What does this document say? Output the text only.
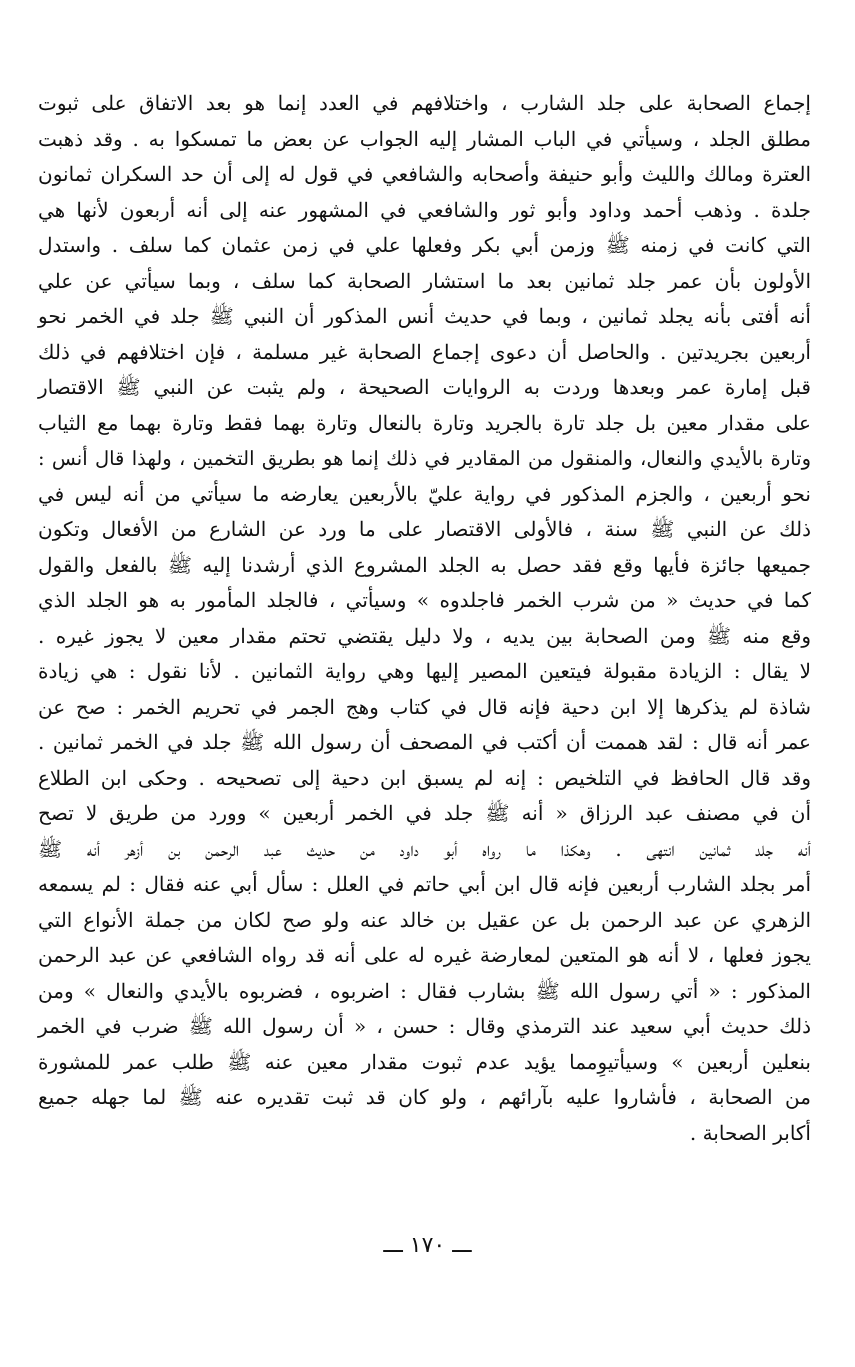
إجماع الصحابة على جلد الشارب ، واختلافهم في العدد إنما هو بعد الاتفاق على ثبوت
مطلق الجلد ، وسيأتي في الباب المشار إليه الجواب عن بعض ما تمسكوا به . وقد ذهبت
العترة ومالك والليث وأبو حنيفة وأصحابه والشافعي في قول له إلى أن حد السكران ثمانون
جلدة . وذهب أحمد وداود وأبو ثور والشافعي في المشهور عنه إلى أنه أربعون لأنها هي
التي كانت في زمنه ﷺ وزمن أبي بكر وفعلها علي في زمن عثمان كما سلف . واستدل
الأولون بأن عمر جلد ثمانين بعد ما استشار الصحابة كما سلف ، وبما سيأتي عن علي
أنه أفتى بأنه يجلد ثمانين ، وبما في حديث أنس المذكور أن النبي ﷺ جلد في الخمر نحو
أربعين بجريدتين . والحاصل أن دعوى إجماع الصحابة غير مسلمة ، فإن اختلافهم في ذلك
قبل إمارة عمر وبعدها وردت به الروايات الصحيحة ، ولم يثبت عن النبي ﷺ الاقتصار
على مقدار معين بل جلد تارة بالجريد وتارة بالنعال وتارة بهما فقط وتارة بهما مع الثياب
وتارة بالأيدي والنعال، والمنقول من المقادير في ذلك إنما هو بطريق التخمين ، ولهذا قال أنس :
نحو أربعين ، والجزم المذكور في رواية عليّ بالأربعين يعارضه ما سيأتي من أنه ليس في
ذلك عن النبي ﷺ سنة ، فالأولى الاقتصار على ما ورد عن الشارع من الأفعال وتكون
جميعها جائزة فأيها وقع فقد حصل به الجلد المشروع الذي أرشدنا إليه ﷺ بالفعل والقول
كما في حديث « من شرب الخمر فاجلدوه » وسيأتي ، فالجلد المأمور به هو الجلد الذي
وقع منه ﷺ ومن الصحابة بين يديه ، ولا دليل يقتضي تحتم مقدار معين لا يجوز غيره .
لا يقال : الزيادة مقبولة فيتعين المصير إليها وهي رواية الثمانين . لأنا نقول : هي زيادة
شاذة لم يذكرها إلا ابن دحية فإنه قال في كتاب وهج الجمر في تحريم الخمر : صح عن
عمر أنه قال : لقد هممت أن أكتب في المصحف أن رسول الله ﷺ جلد في الخمر ثمانين .
وقد قال الحافظ في التلخيص : إنه لم يسبق ابن دحية إلى تصحيحه . وحكى ابن الطلاع
أن في مصنف عبد الرزاق « أنه ﷺ جلد في الخمر أربعين » وورد من طريق لا تصح
أنه جلد ثمانين انتهى . وهكذا ما رواه أبو داود من حديث عبد الرحمن بن أزهر أنه ﷺ
أمر بجلد الشارب أربعين فإنه قال ابن أبي حاتم في العلل : سأل أبي عنه فقال : لم يسمعه
الزهري عن عبد الرحمن بل عن عقيل بن خالد عنه ولو صح لكان من جملة الأنواع التي
يجوز فعلها ، لا أنه هو المتعين لمعارضة غيره له على أنه قد رواه الشافعي عن عبد الرحمن
المذكور : « أتي رسول الله ﷺ بشارب فقال : اضربوه ، فضربوه بالأيدي والنعال » ومن
ذلك حديث أبي سعيد عند الترمذي وقال : حسن ، « أن رسول الله ﷺ ضرب في الخمر
بنعلين أربعين » وسيأتيوِمما يؤيد عدم ثبوت مقدار معين عنه ﷺ طلب عمر للمشورة
من الصحابة ، فأشاروا عليه بآرائهم ، ولو كان قد ثبت تقديره عنه ﷺ لما جهله جميع
أكابر الصحابة .
ـــ ١٧٠ ـــ
